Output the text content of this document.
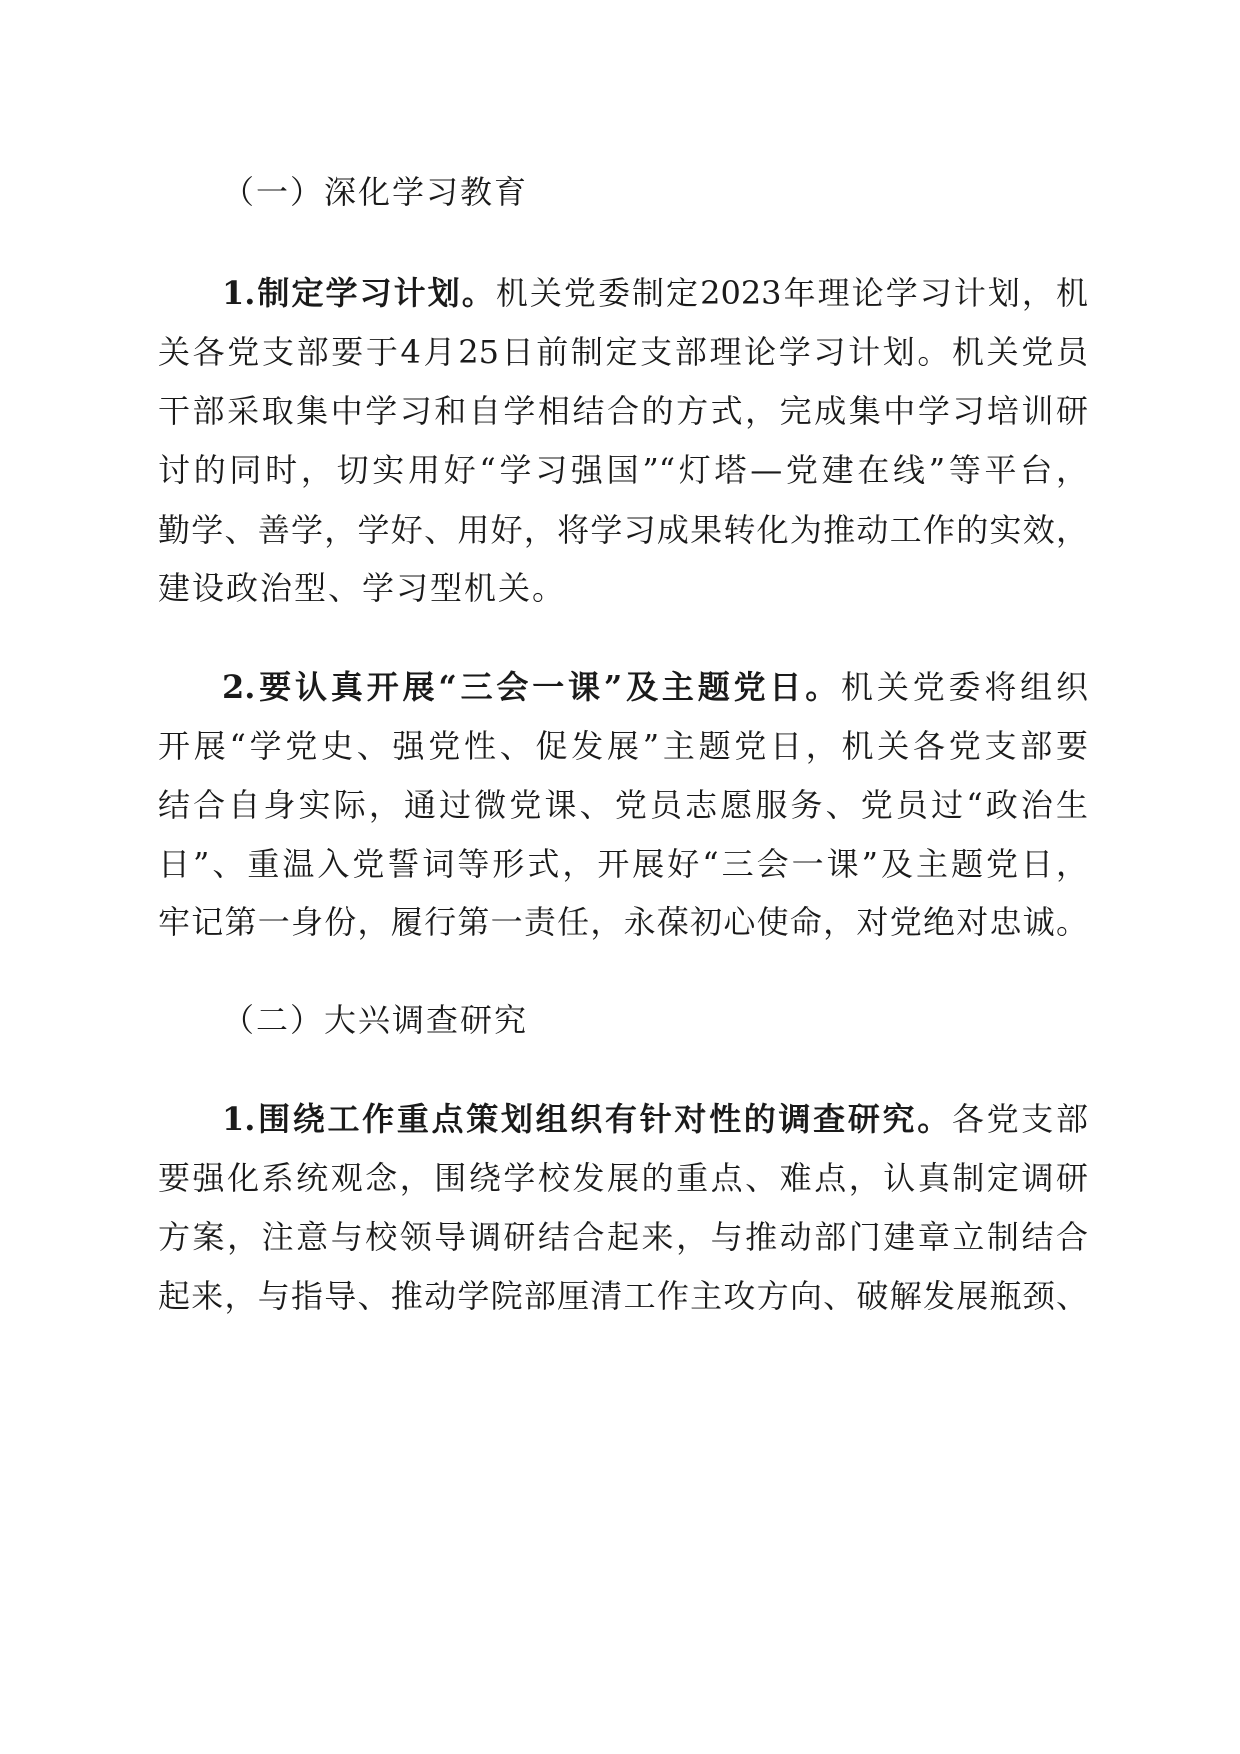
（一）深化学习教育
1.制定学习计划。机关党委制定2023年理论学习计划，机
关各党支部要于4月25日前制定支部理论学习计划。机关党员
干部采取集中学习和自学相结合的方式，完成集中学习培训研
讨的同时，切实用好“学习强国”“灯塔—党建在线”等平台，
勤学、善学，学好、用好，将学习成果转化为推动工作的实效，
建设政治型、学习型机关。
2.要认真开展“三会一课”及主题党日。机关党委将组织
开展“学党史、强党性、促发展”主题党日，机关各党支部要
结合自身实际，通过微党课、党员志愿服务、党员过“政治生
日”、重温入党誓词等形式，开展好“三会一课”及主题党日，
牢记第一身份，履行第一责任，永葆初心使命，对党绝对忠诚。
（二）大兴调查研究
1.围绕工作重点策划组织有针对性的调查研究。各党支部
要强化系统观念，围绕学校发展的重点、难点，认真制定调研
方案，注意与校领导调研结合起来，与推动部门建章立制结合
起来，与指导、推动学院部厘清工作主攻方向、破解发展瓶颈、
